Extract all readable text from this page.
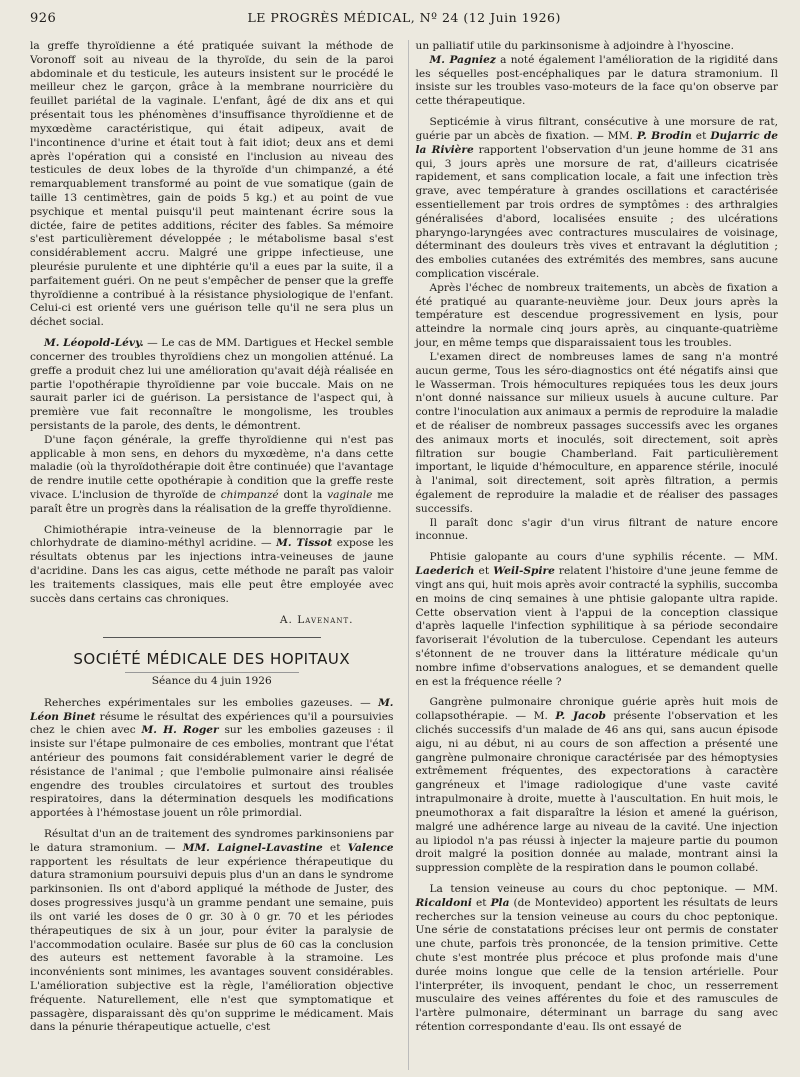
926	LE PROGRÈS MÉDICAL, Nº 24 (12 Juin 1926)

la greffe thyroïdienne a été pratiquée suivant la méthode de Voronoff soit au niveau de la thyroïde, du sein de la paroi abdominale et du testicule, les auteurs insistent sur le procédé le meilleur chez le garçon, grâce à la membrane nourricière du feuillet pariétal de la vaginale. L'enfant, âgé de dix ans et qui présentait tous les phénomènes d'insuffisance thyroïdienne et de myxœdème caractéristique, qui était adipeux, avait de l'incontinence d'urine et était tout à fait idiot; deux ans et demi après l'opération qui a consisté en l'inclusion au niveau des testicules de deux lobes de la thyroïde d'un chimpanzé, a été remarquablement transformé au point de vue somatique (gain de taille 13 centimètres, gain de poids 5 kg.) et au point de vue psychique et mental puisqu'il peut maintenant écrire sous la dictée, faire de petites additions, réciter des fables. Sa mémoire s'est particulièrement développée ; le métabolisme basal s'est considérablement accru. Malgré une grippe infectieuse, une pleurésie purulente et une diphtérie qu'il a eues par la suite, il a parfaitement guéri. On ne peut s'empêcher de penser que la greffe thyroïdienne a contribué à la résistance physiologique de l'enfant. Celui-ci est orienté vers une guérison telle qu'il ne sera plus un déchet social.

M. Léopold-Lévy. — Le cas de MM. Dartigues et Heckel semble concerner des troubles thyroïdiens chez un mongolien atténué. La greffe a produit chez lui une amélioration qu'avait déjà réalisée en partie l'opothérapie thyroïdienne par voie buccale. Mais on ne saurait parler ici de guérison. La persistance de l'aspect qui, à première vue fait reconnaître le mongolisme, les troubles persistants de la parole, des dents, le démontrent.

D'une façon générale, la greffe thyroïdienne qui n'est pas applicable à mon sens, en dehors du myxœdème, n'a dans cette maladie (où la thyroïdothérapie doit être continuée) que l'avantage de rendre inutile cette opothérapie à condition que la greffe reste vivace. L'inclusion de thyroïde de chimpanzé dont la vaginale me paraît être un progrès dans la réalisation de la greffe thyroïdienne.

Chimiothérapie intra-veineuse de la blennorragie par le chlorhydrate de diamino-méthyl acridine. — M. Tissot expose les résultats obtenus par les injections intra-veineuses de jaune d'acridine. Dans les cas aigus, cette méthode ne paraît pas valoir les traitements classiques, mais elle peut être employée avec succès dans certains cas chroniques.

A. Lavenant.
SOCIÉTÉ MÉDICALE DES HOPITAUX
Séance du 4 juin 1926

Reherches expérimentales sur les embolies gazeuses. — M. Léon Binet résume le résultat des expériences qu'il a poursuivies chez le chien avec M. H. Roger sur les embolies gazeuses : il insiste sur l'étape pulmonaire de ces embolies, montrant que l'état antérieur des poumons fait considérablement varier le degré de résistance de l'animal ; que l'embolie pulmonaire ainsi réalisée engendre des troubles circulatoires et surtout des troubles respiratoires, dans la détermination desquels les modifications apportées à l'hémostase jouent un rôle primordial.

Résultat d'un an de traitement des syndromes parkinsoniens par le datura stramonium. — MM. Laignel-Lavastine et Valence rapportent les résultats de leur expérience thérapeutique du datura stramonium poursuivi depuis plus d'un an dans le syndrome parkinsonien. Ils ont d'abord appliqué la méthode de Juster, des doses progressives jusqu'à un gramme pendant une semaine, puis ils ont varié les doses de 0 gr. 30 à 0 gr. 70 et les périodes thérapeutiques de six à un jour, pour éviter la paralysie de l'accommodation oculaire. Basée sur plus de 60 cas la conclusion des auteurs est nettement favorable à la stramoine. Les inconvénients sont minimes, les avantages souvent considérables. L'amélioration subjective est la règle, l'amélioration objective fréquente. Naturellement, elle n'est que symptomatique et passagère, disparaissant dès qu'on supprime le médicament. Mais dans la pénurie thérapeutique actuelle, c'est

un palliatif utile du parkinsonisme à adjoindre à l'hyoscine.

M. Pagniez a noté également l'amélioration de la rigidité dans les séquelles post-encéphaliques par le datura stramonium. Il insiste sur les troubles vaso-moteurs de la face qu'on observe par cette thérapeutique.

Septicémie à virus filtrant, consécutive à une morsure de rat, guérie par un abcès de fixation. — MM. P. Brodin et Dujarric de la Rivière rapportent l'observation d'un jeune homme de 31 ans qui, 3 jours après une morsure de rat, d'ailleurs cicatrisée rapidement, et sans complication locale, a fait une infection très grave, avec température à grandes oscillations et caractérisée essentiellement par trois ordres de symptômes : des arthralgies généralisées d'abord, localisées ensuite ; des ulcérations pharyngo-laryngées avec contractures musculaires de voisinage, déterminant des douleurs très vives et entravant la déglutition ; des embolies cutanées des extrémités des membres, sans aucune complication viscérale.

Après l'échec de nombreux traitements, un abcès de fixation a été pratiqué au quarante-neuvième jour. Deux jours après la température est descendue progressivement en lysis, pour atteindre la normale cinq jours après, au cinquante-quatrième jour, en même temps que disparaissaient tous les troubles.

L'examen direct de nombreuses lames de sang n'a montré aucun germe, Tous les séro-diagnostics ont été négatifs ainsi que le Wasserman. Trois hémocultures repiquées tous les deux jours n'ont donné naissance sur milieux usuels à aucune culture. Par contre l'inoculation aux animaux a permis de reproduire la maladie et de réaliser de nombreux passages successifs avec les organes des animaux morts et inoculés, soit directement, soit après filtration sur bougie Chamberland. Fait particulièrement important, le liquide d'hémoculture, en apparence stérile, inoculé à l'animal, soit directement, soit après filtration, a permis également de reproduire la maladie et de réaliser des passages successifs.

Il paraît donc s'agir d'un virus filtrant de nature encore inconnue.

Phtisie galopante au cours d'une syphilis récente. — MM. Laederich et Weil-Spire relatent l'histoire d'une jeune femme de vingt ans qui, huit mois après avoir contracté la syphilis, succomba en moins de cinq semaines à une phtisie galopante ultra rapide. Cette observation vient à l'appui de la conception classique d'après laquelle l'infection syphilitique à sa période secondaire favoriserait l'évolution de la tuberculose. Cependant les auteurs s'étonnent de ne trouver dans la littérature médicale qu'un nombre infime d'observations analogues, et se demandent quelle en est la fréquence réelle ?

Gangrène pulmonaire chronique guérie après huit mois de collapsothérapie. — M. P. Jacob présente l'observation et les clichés successifs d'un malade de 46 ans qui, sans aucun épisode aigu, ni au début, ni au cours de son affection a présenté une gangrène pulmonaire chronique caractérisée par des hémoptysies extrêmement fréquentes, des expectorations à caractère gangréneux et l'image radiologique d'une vaste cavité intrapulmonaire à droite, muette à l'auscultation. En huit mois, le pneumothorax a fait disparaître la lésion et amené la guérison, malgré une adhérence large au niveau de la cavité. Une injection au lipiodol n'a pas réussi à injecter la majeure partie du poumon droit malgré la position donnée au malade, montrant ainsi la suppression complète de la respiration dans le poumon collabé.

La tension veineuse au cours du choc peptonique. — MM. Ricaldoni et Pla (de Montevideo) apportent les résultats de leurs recherches sur la tension veineuse au cours du choc peptonique. Une série de constatations précises leur ont permis de constater une chute, parfois très prononcée, de la tension primitive. Cette chute s'est montrée plus précoce et plus profonde mais d'une durée moins longue que celle de la tension artérielle. Pour l'interpréter, ils invoquent, pendant le choc, un resserrement musculaire des veines afférentes du foie et des ramuscules de l'artère pulmonaire, déterminant un barrage du sang avec rétention correspondante d'eau. Ils ont essayé de
